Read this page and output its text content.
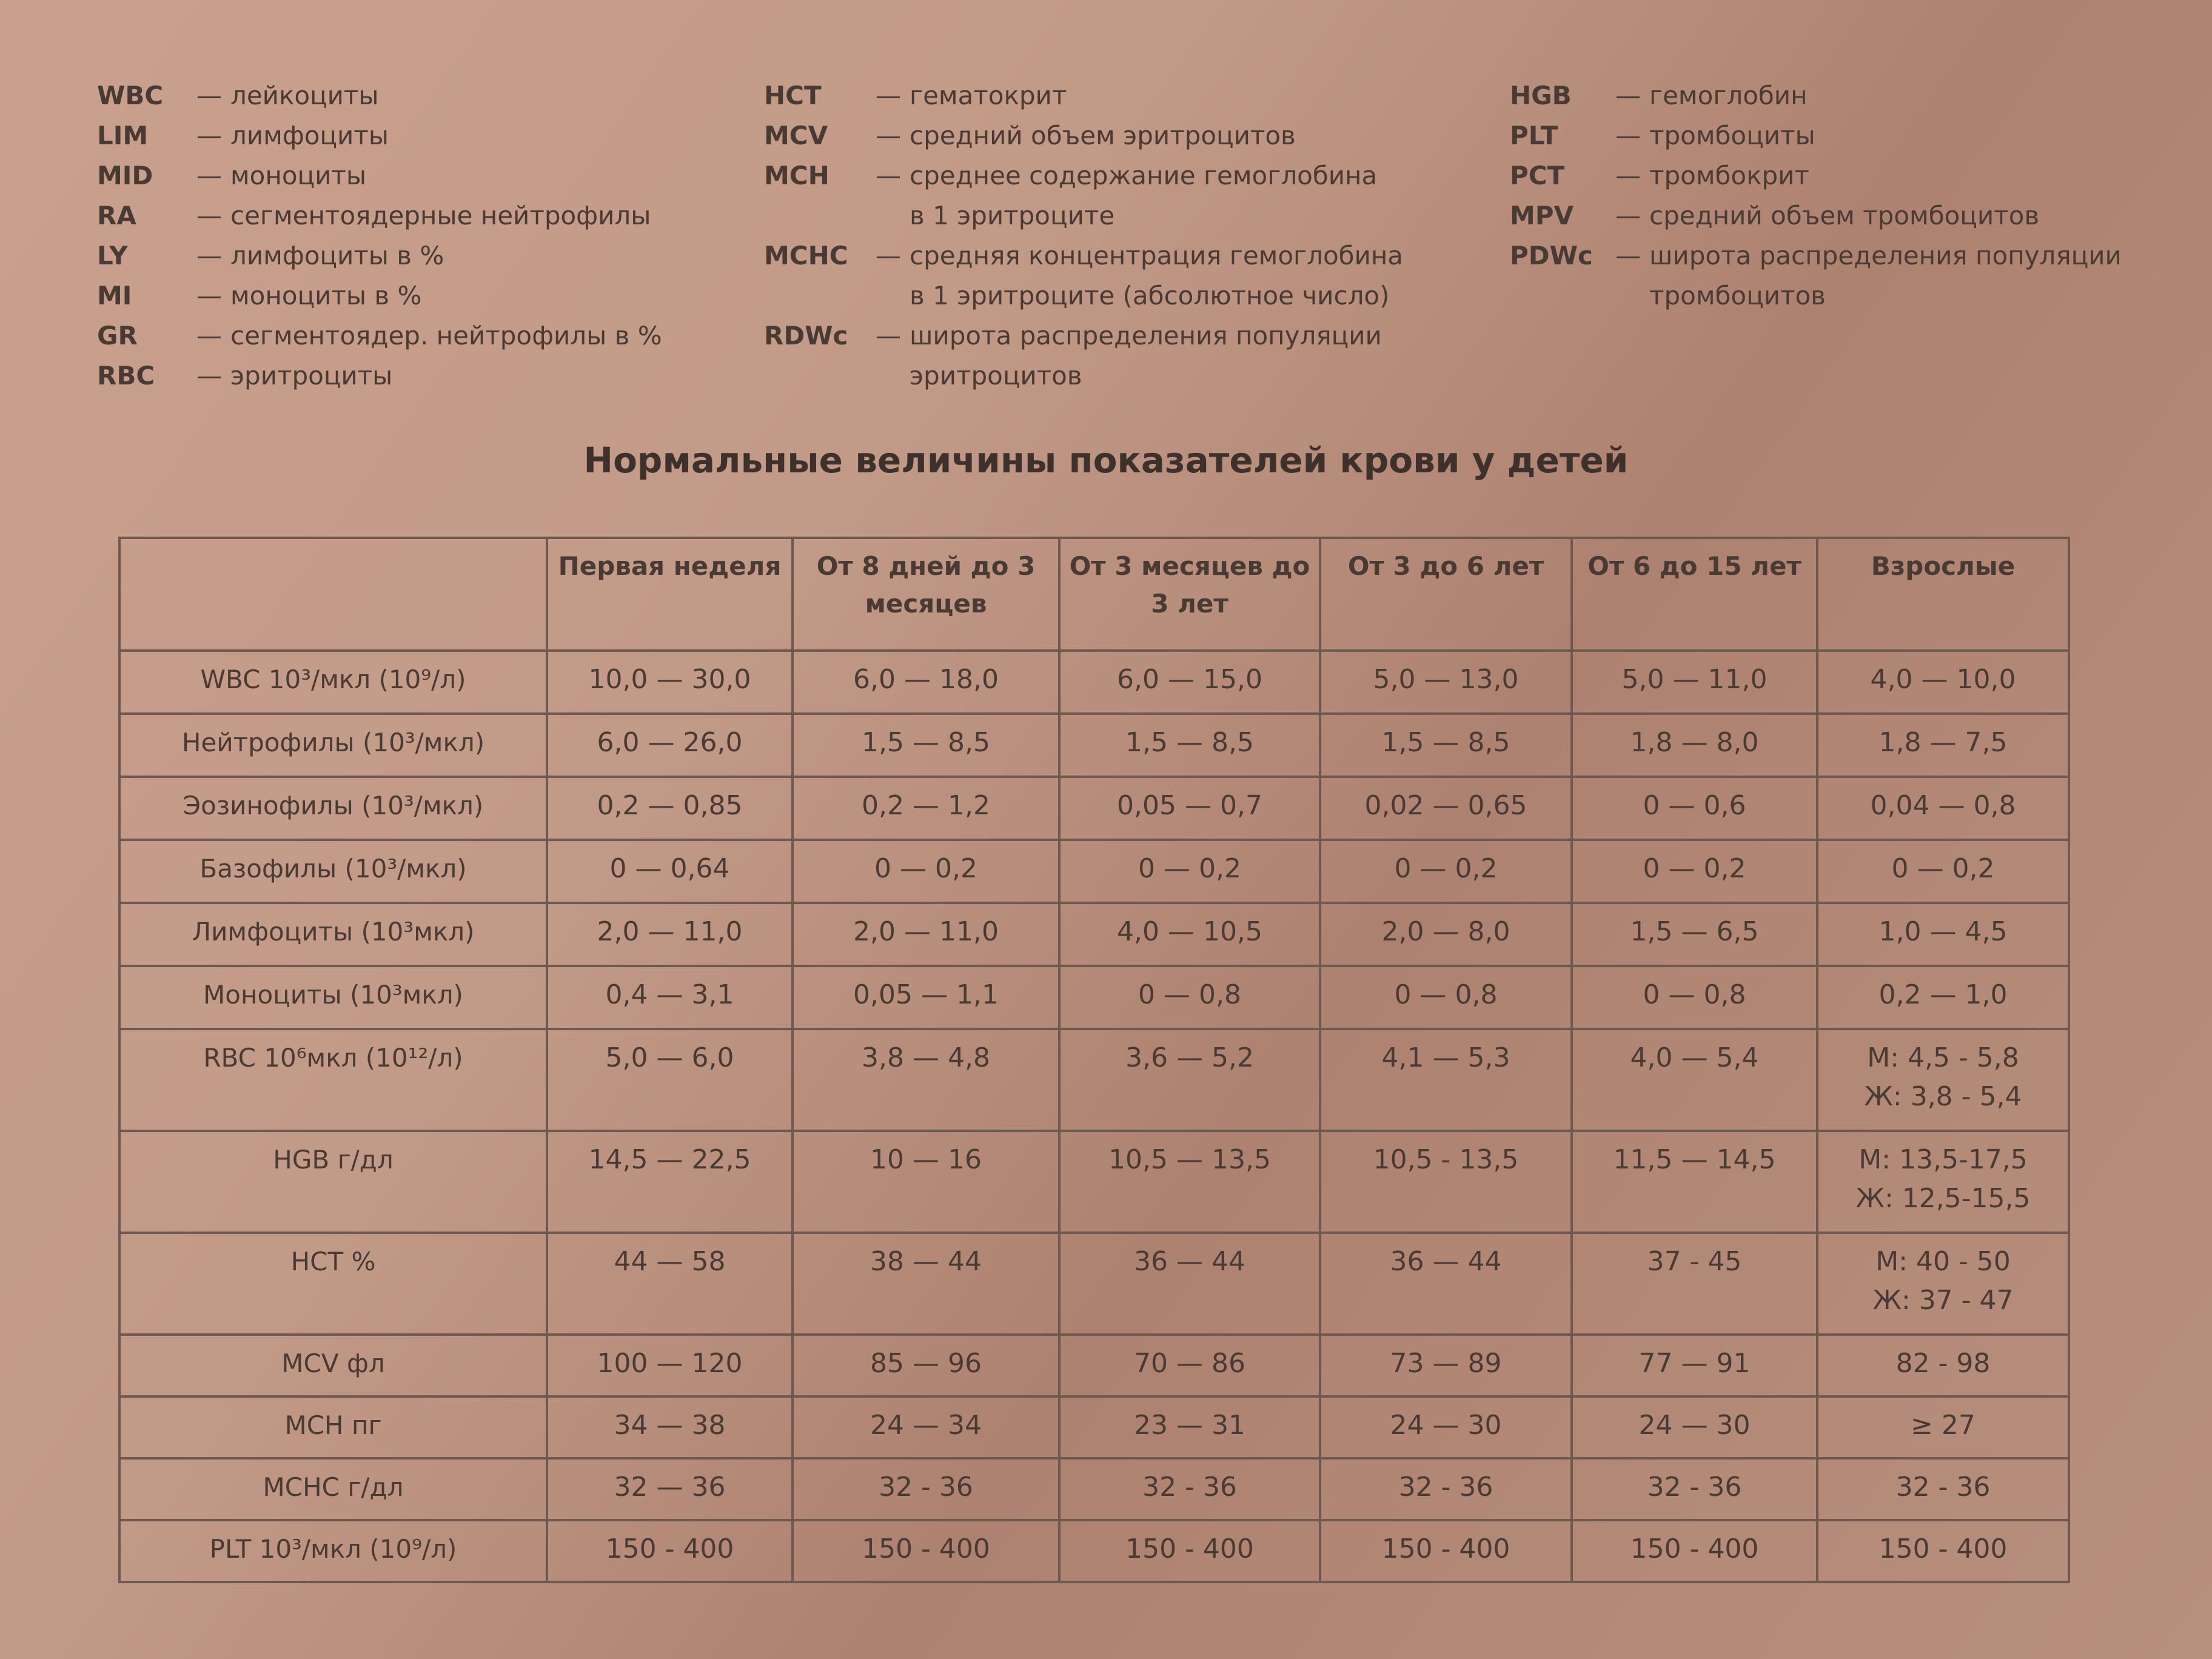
WBC	— лейкоциты
LIM	— лимфоциты
MID	— моноциты
RA	— сегментоядерные нейтрофилы
LY	— лимфоциты в %
MI	— моноциты в %
GR	— сегментоядер. нейтрофилы в %
RBC	— эритроциты
HCT	— гематокрит
MCV	— средний объем эритроцитов
MCH	— среднее содержание гемоглобина
в 1 эритроците
MCHC	— средняя концентрация гемоглобина
в 1 эритроците (абсолютное число)
RDWc	— широта распределения популяции
эритроцитов
HGB	— гемоглобин
PLT	— тромбоциты
PCT	— тромбокрит
MPV	— средний объем тромбоцитов
PDWc — широта распределения популяции
тромбоцитов
Нормальные величины показателей крови у детей
	Первая неделя	От 8 дней до 3 месяцев	От 3 месяцев до 3 лет	От 3 до 6 лет	От 6 до 15 лет	Взрослые
WBC 10³/мкл (10⁹/л)	10,0 — 30,0	6,0 — 18,0	6,0 — 15,0	5,0 — 13,0	5,0 — 11,0	4,0 — 10,0
Нейтрофилы (10³/мкл)	6,0 — 26,0	1,5 — 8,5	1,5 — 8,5	1,5 — 8,5	1,8 — 8,0	1,8 — 7,5
Эозинофилы (10³/мкл)	0,2 — 0,85	0,2 — 1,2	0,05 — 0,7	0,02 — 0,65	0 — 0,6	0,04 — 0,8
Базофилы (10³/мкл)	0 — 0,64	0 — 0,2	0 — 0,2	0 — 0,2	0 — 0,2	0 — 0,2
Лимфоциты (10³мкл)	2,0 — 11,0	2,0 — 11,0	4,0 — 10,5	2,0 — 8,0	1,5 — 6,5	1,0 — 4,5
Моноциты (10³мкл)	0,4 — 3,1	0,05 — 1,1	0 — 0,8	0 — 0,8	0 — 0,8	0,2 — 1,0
RBC 10⁶мкл (10¹²/л)	5,0 — 6,0	3,8 — 4,8	3,6 — 5,2	4,1 — 5,3	4,0 — 5,4	М: 4,5 - 5,8
Ж: 3,8 - 5,4
HGB г/дл	14,5 — 22,5	10 — 16	10,5 — 13,5	10,5 - 13,5	11,5 — 14,5	М: 13,5-17,5
Ж: 12,5-15,5
HCT %	44 — 58	38 — 44	36 — 44	36 — 44	37 - 45	М: 40 - 50
Ж: 37 - 47
MCV фл	100 — 120	85 — 96	70 — 86	73 — 89	77 — 91	82 - 98
MCH пг	34 — 38	24 — 34	23 — 31	24 — 30	24 — 30	≥ 27
MCHC г/дл	32 — 36	32 - 36	32 - 36	32 - 36	32 - 36	32 - 36
PLT 10³/мкл (10⁹/л)	150 - 400	150 - 400	150 - 400	150 - 400	150 - 400	150 - 400
